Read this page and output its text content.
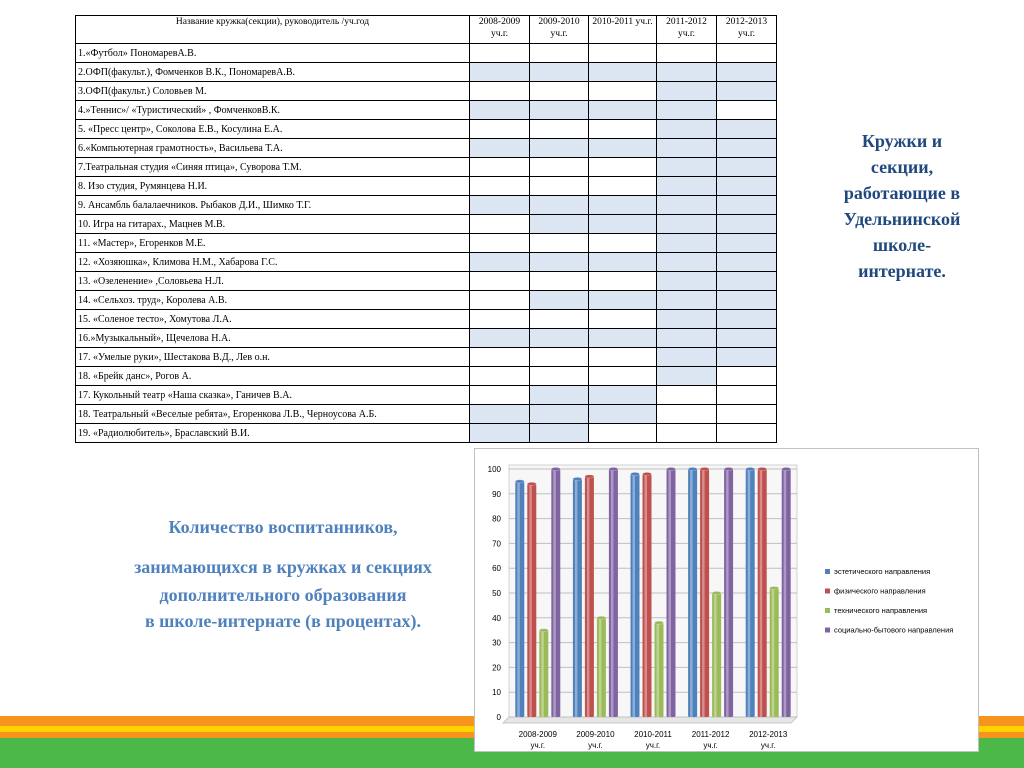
Название кружка(секции), руководитель /уч.год	2008-2009 уч.г.	2009-2010 уч.г.	2010-2011 уч.г.	2011-2012 уч.г.	2012-2013 уч.г.
1.«Футбол» ПономаревА.В.					
2.ОФП(факульт.), Фомченков В.К., ПономаревА.В.					
3.ОФП(факульт.) Соловьев М.					
4.»Теннис»/ «Туристический» , ФомченковВ.К.					
5. «Пресс центр», Соколова Е.В., Косулина Е.А.					
6.«Компьютерная грамотность», Васильева Т.А.					
7.Театральная студия «Синяя птица», Суворова Т.М.					
8. Изо студия, Румянцева Н.И.					
9. Ансамбль балалаечников. Рыбаков Д.И., Шимко Т.Г.					
10. Игра на гитарах., Мацнев М.В.					
11. «Мастер», Егоренков М.Е.					
12. «Хозяюшка», Климова Н.М., Хабарова Г.С.					
13. «Озеленение» ,Соловьева Н.Л.					
14. «Сельхоз. труд», Королева А.В.					
15. «Соленое тесто», Хомутова Л.А.					
16.»Музыкальный», Щечелова Н.А.					
17. «Умелые руки», Шестакова В.Д., Лев о.н.					
18. «Брейк данс», Рогов А.					
17. Кукольный театр «Наша сказка», Ганичев В.А.					
18. Театральный «Веселые ребята», Егоренкова Л.В., Черноусова А.Б.					
19. «Радиолюбитель», Браславский В.И.					
Кружки и
секции,
работающие в
Удельнинской
школе-
интернате.
Количество воспитанников,
занимающихся в кружках и секциях
дополнительного образования
в школе-интернате (в процентах).
0
10
20
30
40
50
60
70
80
90
100
2008-2009
уч.г.
2009-2010
уч.г.
2010-2011
уч.г.
2011-2012
уч.г.
2012-2013
уч.г.
эстетического направления
физического направления
технического направления
социально-бытового направления
